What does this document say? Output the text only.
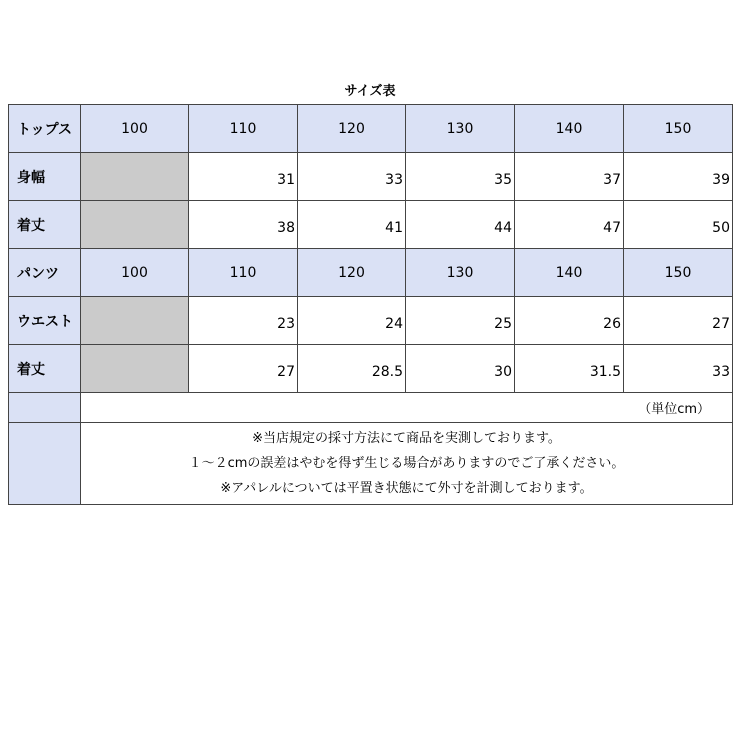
サイズ表
トップス	100	110	120	130	140	150
身幅		31	33	35	37	39
着丈		38	41	44	47	50
パンツ	100	110	120	130	140	150
ウエスト		23	24	25	26	27
着丈		27	28.5	30	31.5	33
	（単位cm）					

	※当店規定の採寸方法にて商品を実測しております。
１～２cmの誤差はやむを得ず生じる場合がありますのでご了承ください。
※アパレルについては平置き状態にて外寸を計測しております。					
